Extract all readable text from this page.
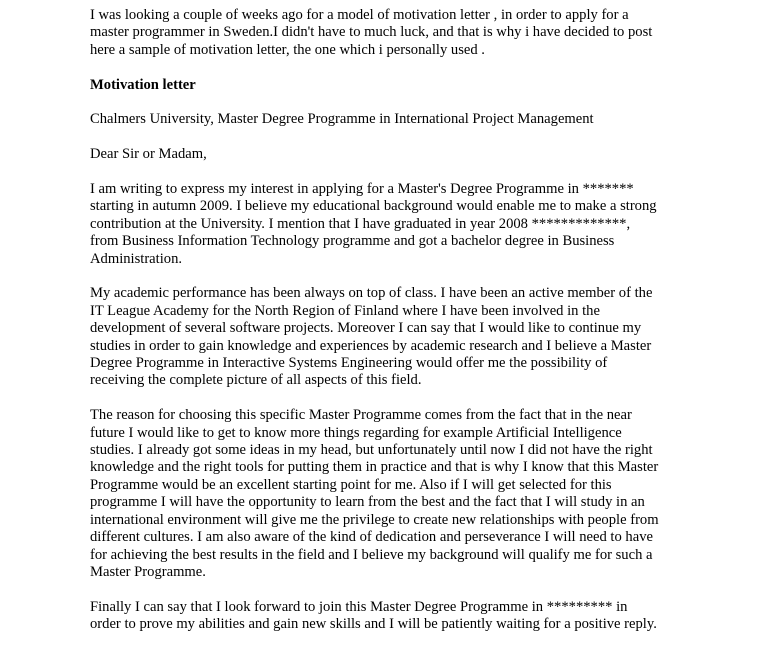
I was looking a couple of weeks ago for a model of motivation letter , in order to apply for a
master programmer in Sweden.I didn't have to much luck, and that is why i have decided to post
here a sample of motivation letter, the one which i personally used .

Motivation letter

Chalmers University, Master Degree Programme in International Project Management

Dear Sir or Madam,

I am writing to express my interest in applying for a Master's Degree Programme in *******
starting in autumn 2009. I believe my educational background would enable me to make a strong
contribution at the University. I mention that I have graduated in year 2008 *************,
from Business Information Technology programme and got a bachelor degree in Business
Administration.

My academic performance has been always on top of class. I have been an active member of the
IT League Academy for the North Region of Finland where I have been involved in the
development of several software projects. Moreover I can say that I would like to continue my
studies in order to gain knowledge and experiences by academic research and I believe a Master
Degree Programme in Interactive Systems Engineering would offer me the possibility of
receiving the complete picture of all aspects of this field.

The reason for choosing this specific Master Programme comes from the fact that in the near
future I would like to get to know more things regarding for example Artificial Intelligence
studies. I already got some ideas in my head, but unfortunately until now I did not have the right
knowledge and the right tools for putting them in practice and that is why I know that this Master
Programme would be an excellent starting point for me. Also if I will get selected for this
programme I will have the opportunity to learn from the best and the fact that I will study in an
international environment will give me the privilege to create new relationships with people from
different cultures. I am also aware of the kind of dedication and perseverance I will need to have
for achieving the best results in the field and I believe my background will qualify me for such a
Master Programme.

Finally I can say that I look forward to join this Master Degree Programme in ********* in
order to prove my abilities and gain new skills and I will be patiently waiting for a positive reply.
